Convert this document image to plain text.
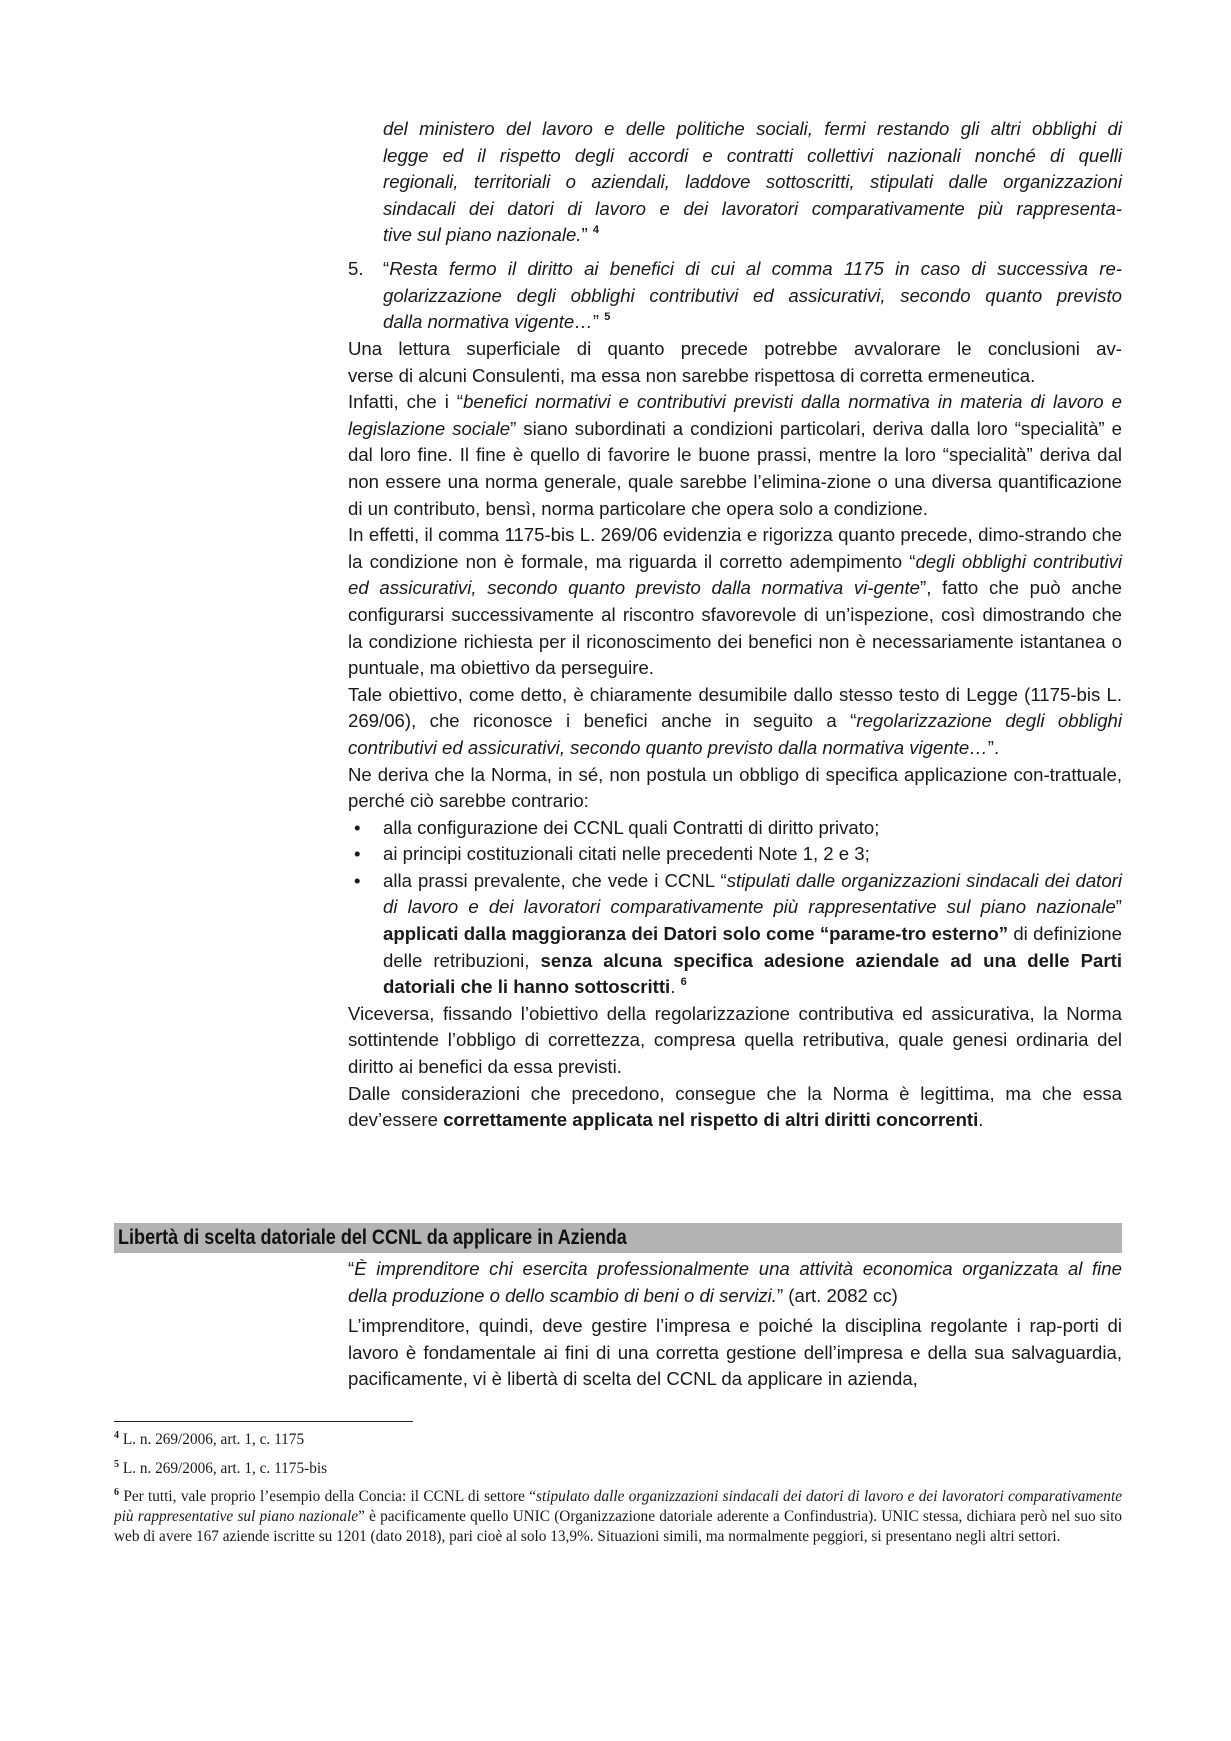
del ministero del lavoro e delle politiche sociali, fermi restando gli altri obblighi di
legge ed il rispetto degli accordi e contratti collettivi nazionali nonché di quelli
regionali, territoriali o aziendali, laddove sottoscritti, stipulati dalle organizzazioni
sindacali dei datori di lavoro e dei lavoratori comparativamente più rappresenta-
tive sul piano nazionale.” $^4$
5. “Resta fermo il diritto ai benefici di cui al comma 1175 in caso di successiva re-
golarizzazione degli obblighi contributivi ed assicurativi, secondo quanto previsto
dalla normativa vigente…” $^5$
Una lettura superficiale di quanto precede potrebbe avvalorare le conclusioni av-
verse di alcuni Consulenti, ma essa non sarebbe rispettosa di corretta ermeneutica.

Infatti, che i “benefici normativi e contributivi previsti dalla normativa in materia di lavoro e legislazione sociale” siano subordinati a condizioni particolari, deriva dalla loro “specialità” e dal loro fine. Il fine è quello di favorire le buone prassi, mentre la loro “specialità” deriva dal non essere una norma generale, quale sarebbe l’elimina-zione o una diversa quantificazione di un contributo, bensì, norma particolare che opera solo a condizione.

In effetti, il comma 1175-bis L. 269/06 evidenzia e rigorizza quanto precede, dimo-strando che la condizione non è formale, ma riguarda il corretto adempimento “degli obblighi contributivi ed assicurativi, secondo quanto previsto dalla normativa vi-gente”, fatto che può anche configurarsi successivamente al riscontro sfavorevole di un’ispezione, così dimostrando che la condizione richiesta per il riconoscimento dei benefici non è necessariamente istantanea o puntuale, ma obiettivo da perseguire.

Tale obiettivo, come detto, è chiaramente desumibile dallo stesso testo di Legge (1175-bis L. 269/06), che riconosce i benefici anche in seguito a “regolarizzazione degli obblighi contributivi ed assicurativi, secondo quanto previsto dalla normativa vigente…”.

Ne deriva che la Norma, in sé, non postula un obbligo di specifica applicazione con-trattuale, perché ciò sarebbe contrario:

• alla configurazione dei CCNL quali Contratti di diritto privato;
• ai principi costituzionali citati nelle precedenti Note 1, 2 e 3;
• alla prassi prevalente, che vede i CCNL “stipulati dalle organizzazioni sindacali dei datori di lavoro e dei lavoratori comparativamente più rappresentative sul piano nazionale” applicati dalla maggioranza dei Datori solo come “parame-tro esterno” di definizione delle retribuzioni, senza alcuna specifica adesione aziendale ad una delle Parti datoriali che li hanno sottoscritti. $^6$

Viceversa, fissando l’obiettivo della regolarizzazione contributiva ed assicurativa, la Norma sottintende l’obbligo di correttezza, compresa quella retributiva, quale genesi ordinaria del diritto ai benefici da essa previsti.

Dalle considerazioni che precedono, consegue che la Norma è legittima, ma che essa dev’essere correttamente applicata nel rispetto di altri diritti concorrenti.

Libertà di scelta datoriale del CCNL da applicare in Azienda

“È imprenditore chi esercita professionalmente una attività economica organizzata al fine della produzione o dello scambio di beni o di servizi.” (art. 2082 cc)

L’imprenditore, quindi, deve gestire l’impresa e poiché la disciplina regolante i rap-porti di lavoro è fondamentale ai fini di una corretta gestione dell’impresa e della sua salvaguardia, pacificamente, vi è libertà di scelta del CCNL da applicare in azienda,

$^4$ L. n. 269/2006, art. 1, c. 1175

$^5$ L. n. 269/2006, art. 1, c. 1175-bis

$^6$ Per tutti, vale proprio l’esempio della Concia: il CCNL di settore “stipulato dalle organizzazioni sindacali dei datori di lavoro e dei lavoratori comparativamente più rappresentative sul piano nazionale” è pacificamente quello UNIC (Organizzazione datoriale aderente a Confindustria). UNIC stessa, dichiara però nel suo sito web di avere 167 aziende iscritte su 1201 (dato 2018), pari cioè al solo 13,9%. Situazioni simili, ma normalmente peggiori, si presentano negli altri settori.
